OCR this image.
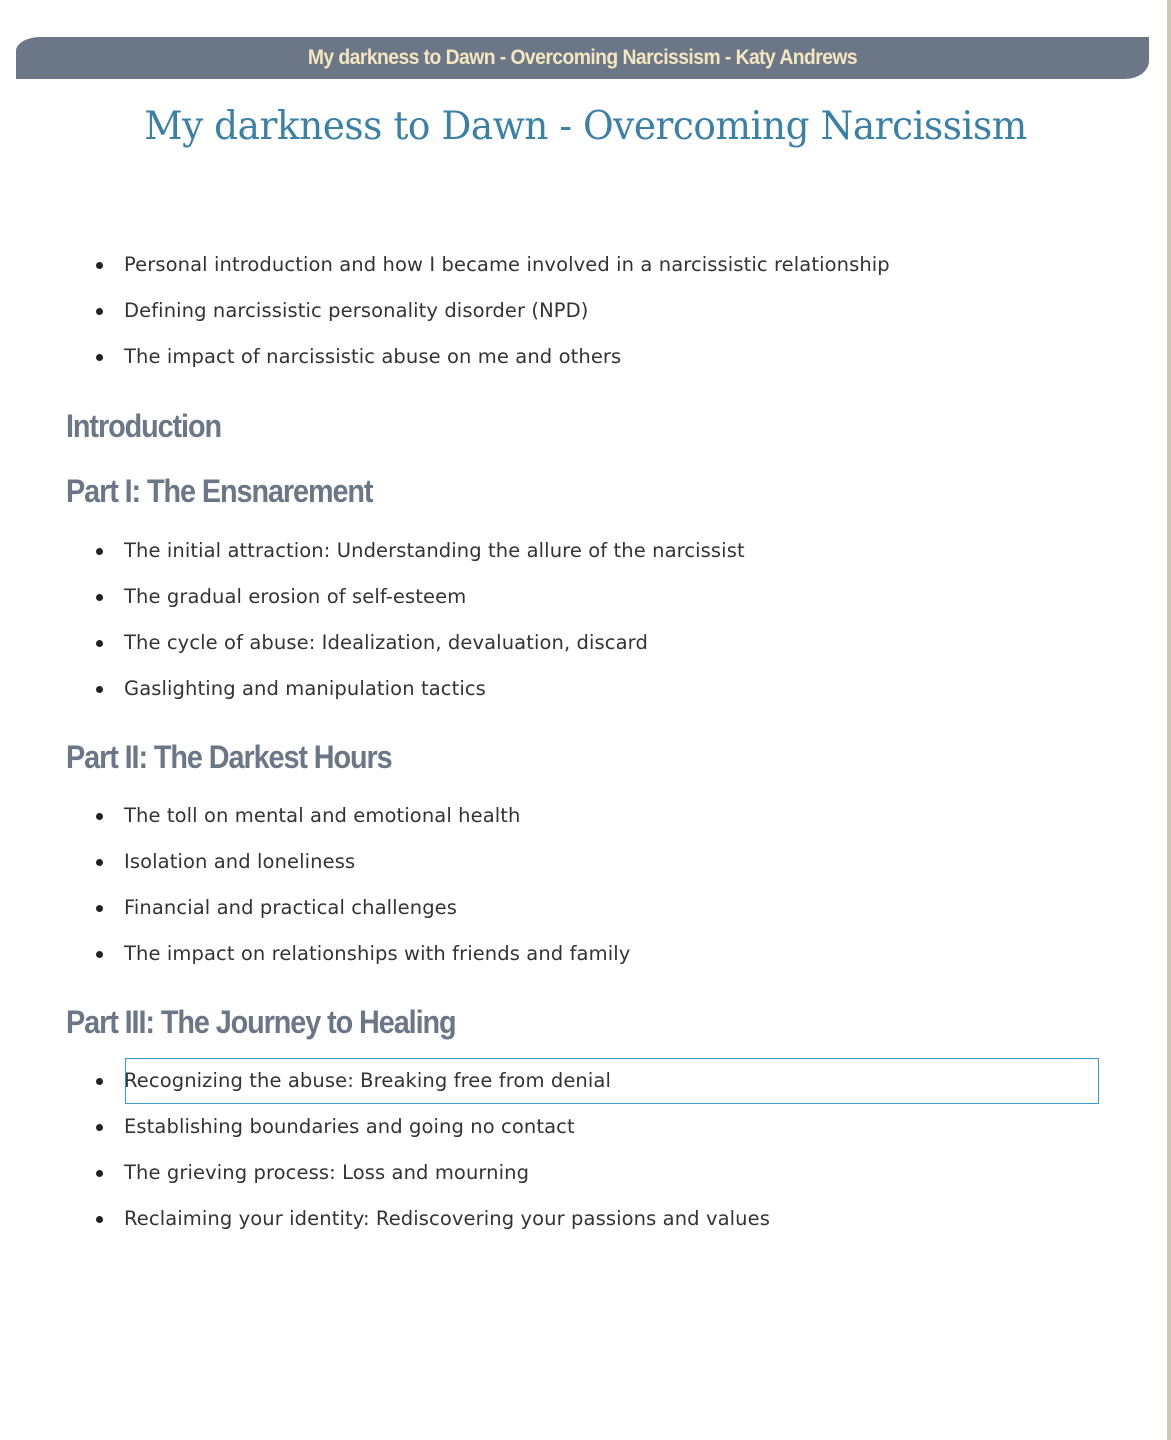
My darkness to Dawn - Overcoming Narcissism - Katy Andrews
My darkness to Dawn - Overcoming Narcissism
Personal introduction and how I became involved in a narcissistic relationship
Defining narcissistic personality disorder (NPD)
The impact of narcissistic abuse on me and others
Introduction
Part I: The Ensnarement
The initial attraction: Understanding the allure of the narcissist
The gradual erosion of self-esteem
The cycle of abuse: Idealization, devaluation, discard
Gaslighting and manipulation tactics
Part II: The Darkest Hours
The toll on mental and emotional health
Isolation and loneliness
Financial and practical challenges
The impact on relationships with friends and family
Part III: The Journey to Healing
Recognizing the abuse: Breaking free from denial
Establishing boundaries and going no contact
The grieving process: Loss and mourning
Reclaiming your identity: Rediscovering your passions and values
